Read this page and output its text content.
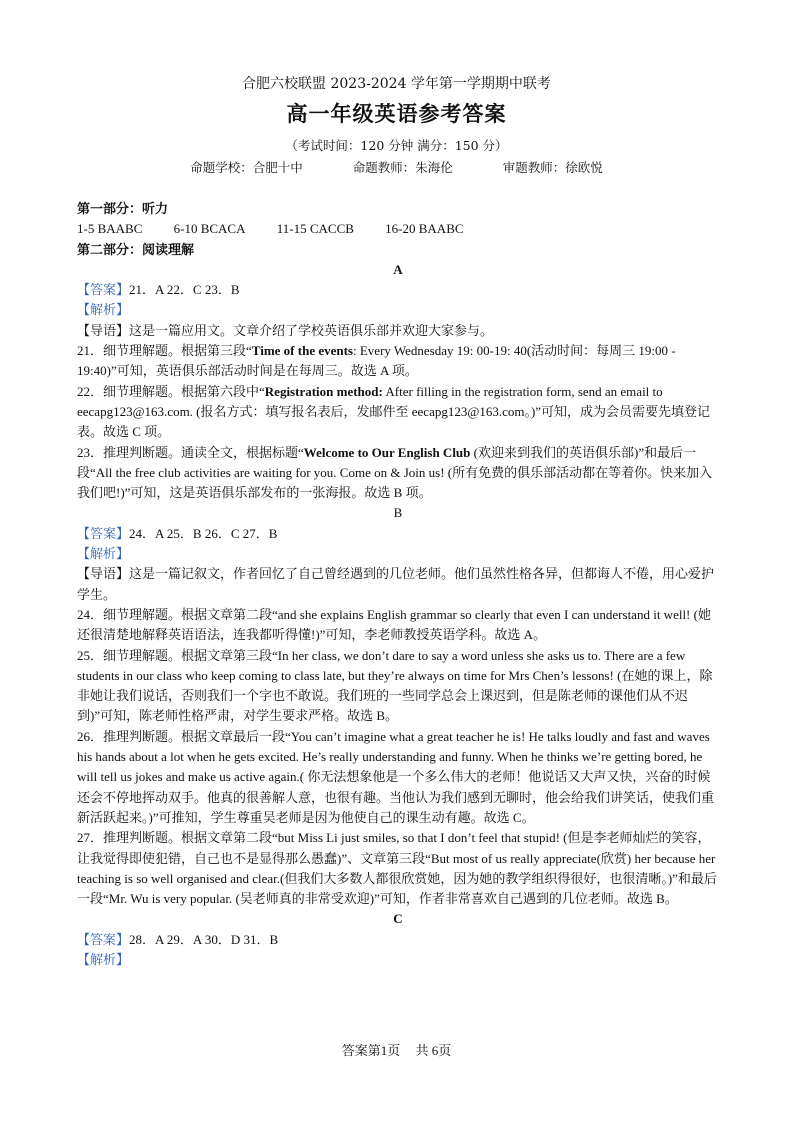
合肥六校联盟 2023-2024 学年第一学期期中联考
高一年级英语参考答案
（考试时间：120 分钟 满分：150 分）
命题学校：合肥十中	命题教师：朱海伦	审题教师：徐欧悦

第一部分：听力

1-5 BAABC 6-10 BCACA 11-15 CACCB 16-20 BAABC

第二部分：阅读理解

A

【答案】21．A 22．C 23．B

【解析】

【导语】这是一篇应用文。文章介绍了学校英语俱乐部并欢迎大家参与。

21．细节理解题。根据第三段“Time of the events: Every Wednesday 19: 00-19: 40(活动时间：每周三 19:00 - 19:40)”可知，英语俱乐部活动时间是在每周三。故选 A 项。

22．细节理解题。根据第六段中“Registration method: After filling in the registration form, send an email to eecapg123@163.com. (报名方式：填写报名表后，发邮件至 eecapg123@163.com。)”可知，成为会员需要先填登记表。故选 C 项。

23．推理判断题。通读全文，根据标题“Welcome to Our English Club (欢迎来到我们的英语俱乐部)”和最后一段“All the free club activities are waiting for you. Come on & Join us! (所有免费的俱乐部活动都在等着你。快来加入我们吧!)”可知，这是英语俱乐部发布的一张海报。故选 B 项。

B

【答案】24．A 25．B 26．C 27．B

【解析】

【导语】这是一篇记叙文，作者回忆了自己曾经遇到的几位老师。他们虽然性格各异，但都诲人不倦，用心爱护学生。

24．细节理解题。根据文章第二段“and she explains English grammar so clearly that even I can understand it well! (她还很清楚地解释英语语法，连我都听得懂!)”可知，李老师教授英语学科。故选 A。

25．细节理解题。根据文章第三段“In her class, we don’t dare to say a word unless she asks us to. There are a few students in our class who keep coming to class late, but they’re always on time for Mrs Chen’s lessons! (在她的课上，除非她让我们说话，否则我们一个字也不敢说。我们班的一些同学总会上课迟到，但是陈老师的课他们从不迟到)”可知，陈老师性格严肃，对学生要求严格。故选 B。

26．推理判断题。根据文章最后一段“You can’t imagine what a great teacher he is! He talks loudly and fast and waves his hands about a lot when he gets excited. He’s really understanding and funny. When he thinks we’re getting bored, he will tell us jokes and make us active again.( 你无法想象他是一个多么伟大的老师！他说话又大声又快，兴奋的时候还会不停地挥动双手。他真的很善解人意，也很有趣。当他认为我们感到无聊时，他会给我们讲笑话，使我们重新活跃起来。)”可推知，学生尊重吴老师是因为他使自己的课生动有趣。故选 C。

27．推理判断题。根据文章第二段“but Miss Li just smiles, so that I don’t feel that stupid! (但是李老师灿烂的笑容，让我觉得即使犯错，自己也不是显得那么愚蠢)”、文章第三段“But most of us really appreciate(欣赏) her because her teaching is so well organised and clear.(但我们大多数人都很欣赏她，因为她的教学组织得很好，也很清晰。)”和最后一段“Mr. Wu is very popular. (吴老师真的非常受欢迎)”可知，作者非常喜欢自己遇到的几位老师。故选 B。

C

【答案】28．A 29．A 30．D 31．B

【解析】

答案第1页 共 6页
